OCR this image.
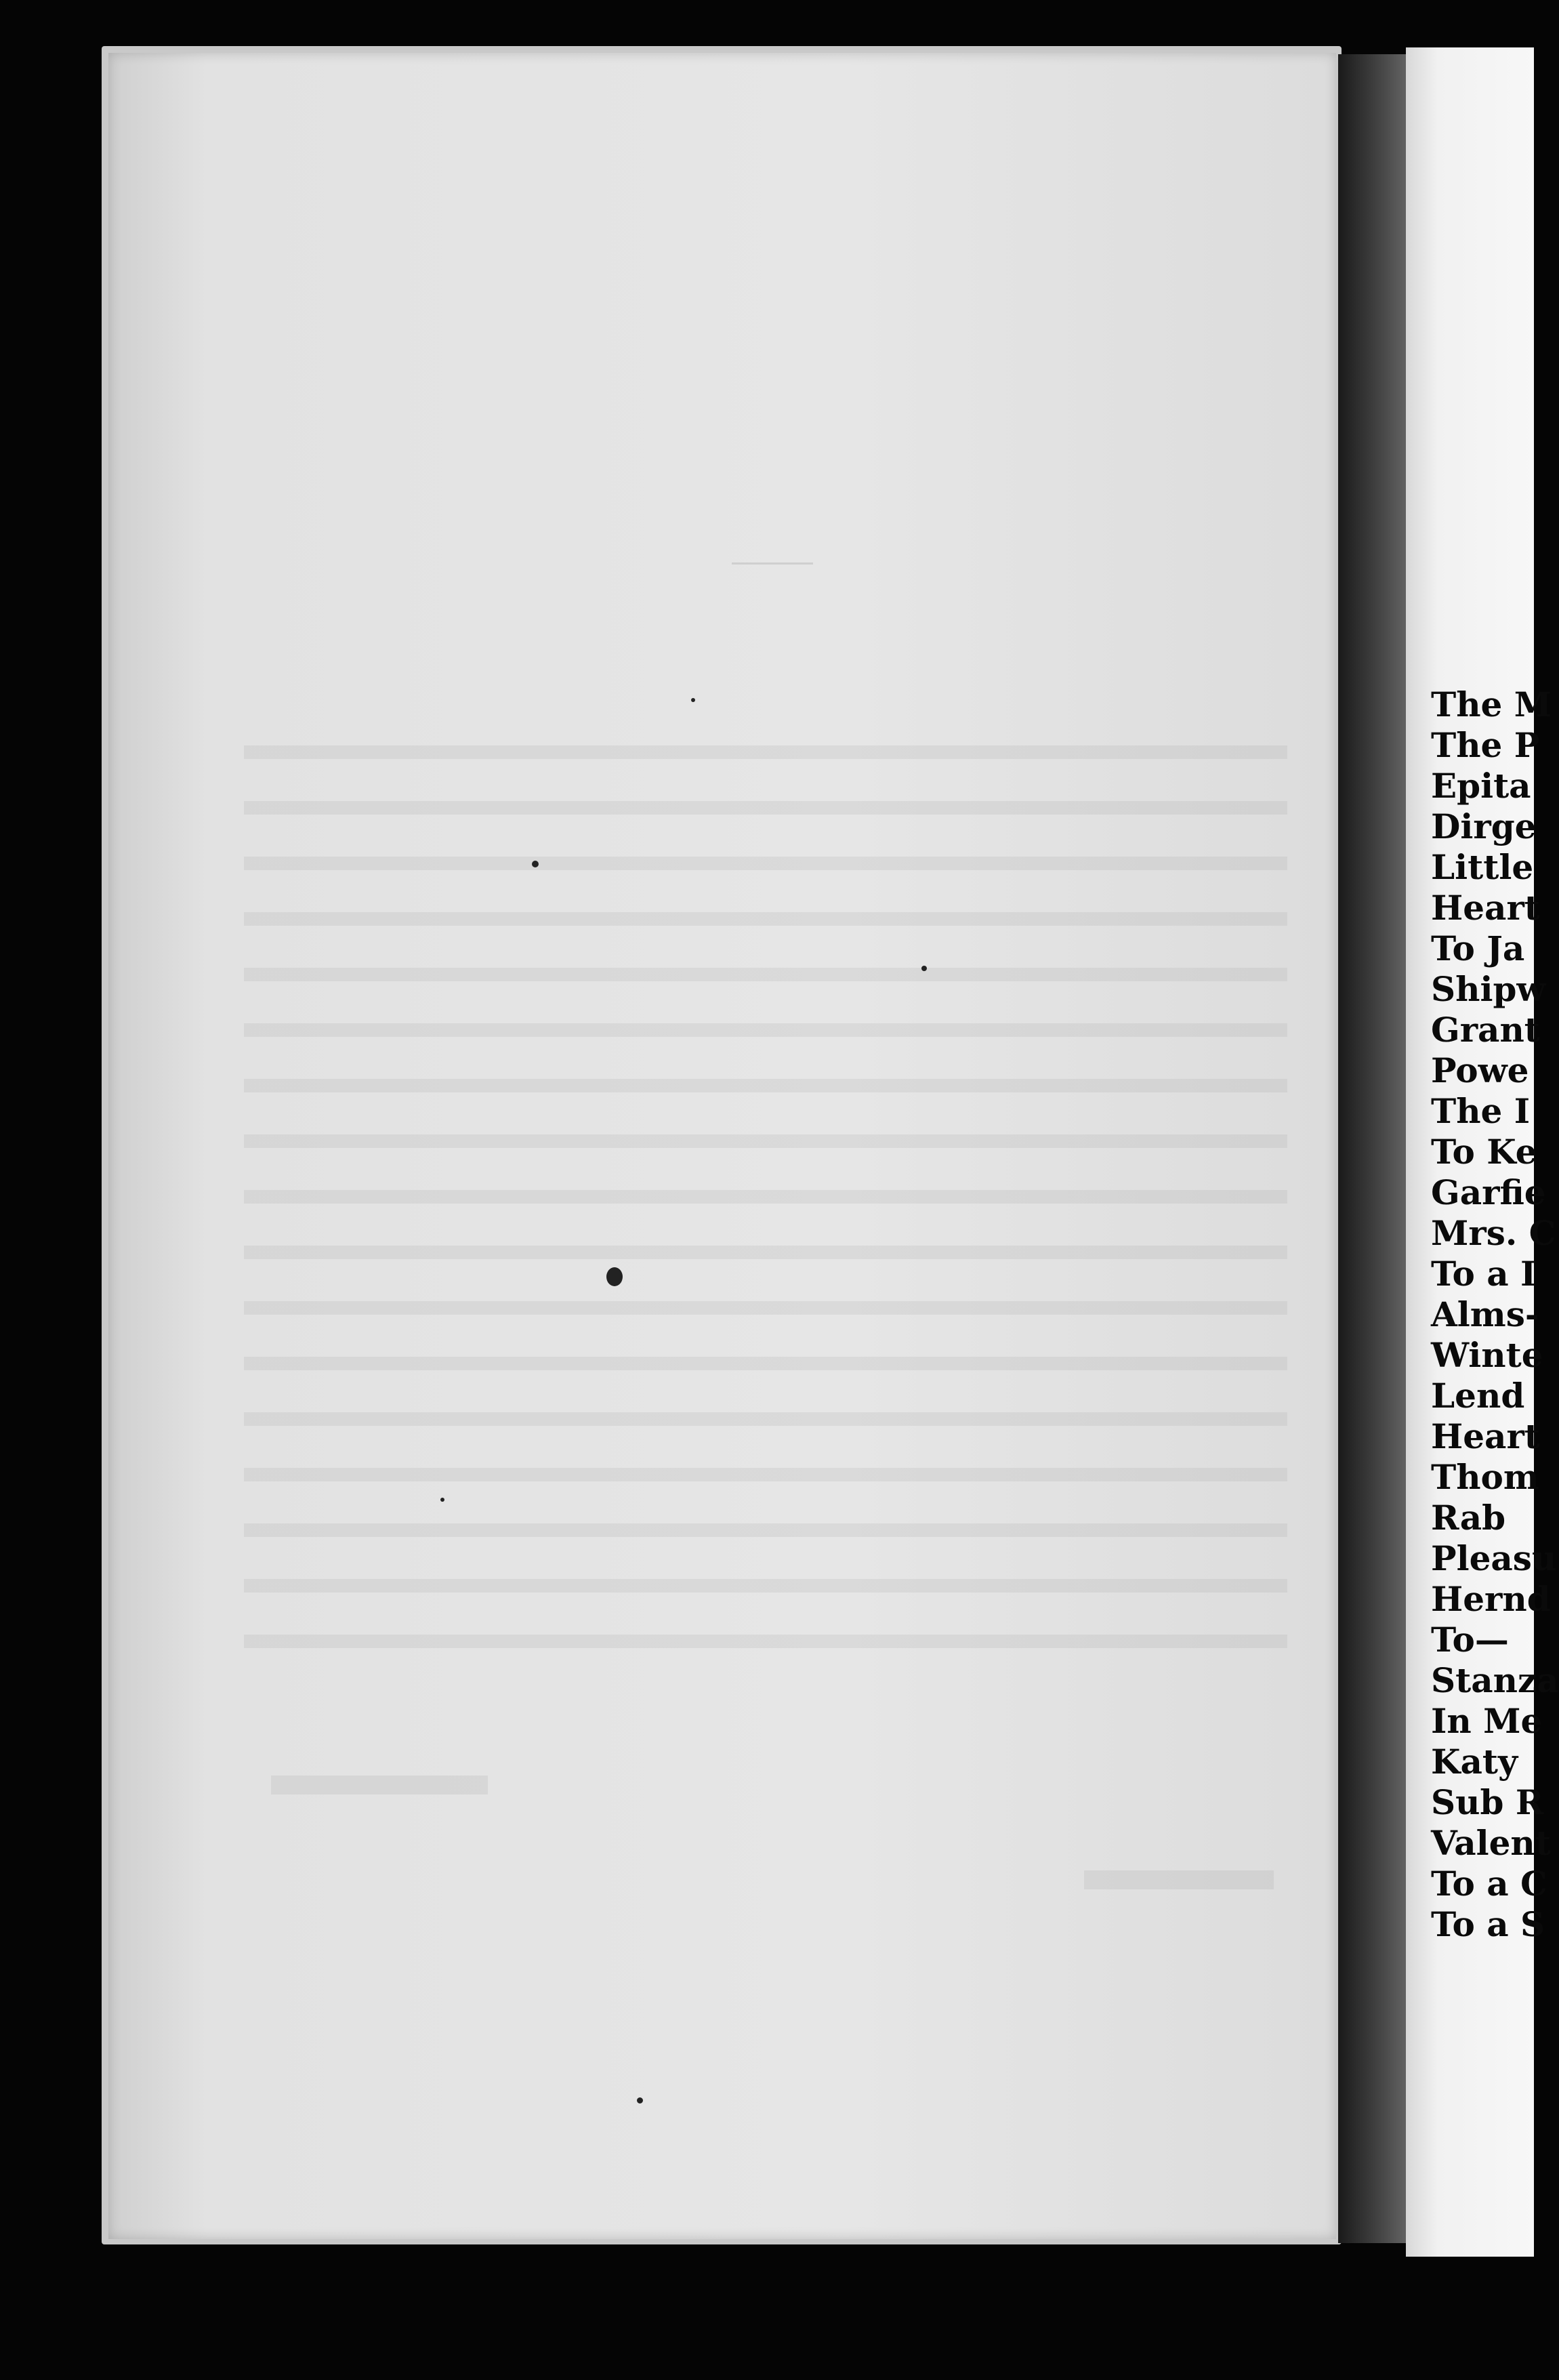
The M
The P
Epita
Dirge
Little
Heart
To Ja
Shipw
Grant
Powe
The I
To Ke
Garfie
Mrs. C
To a I
Alms-
Winte
Lend
Heart
Thom
Rab
Pleasu
Hernd
To—
Stanza
In Me
Katy
Sub R
Valent
To a C
To a S
